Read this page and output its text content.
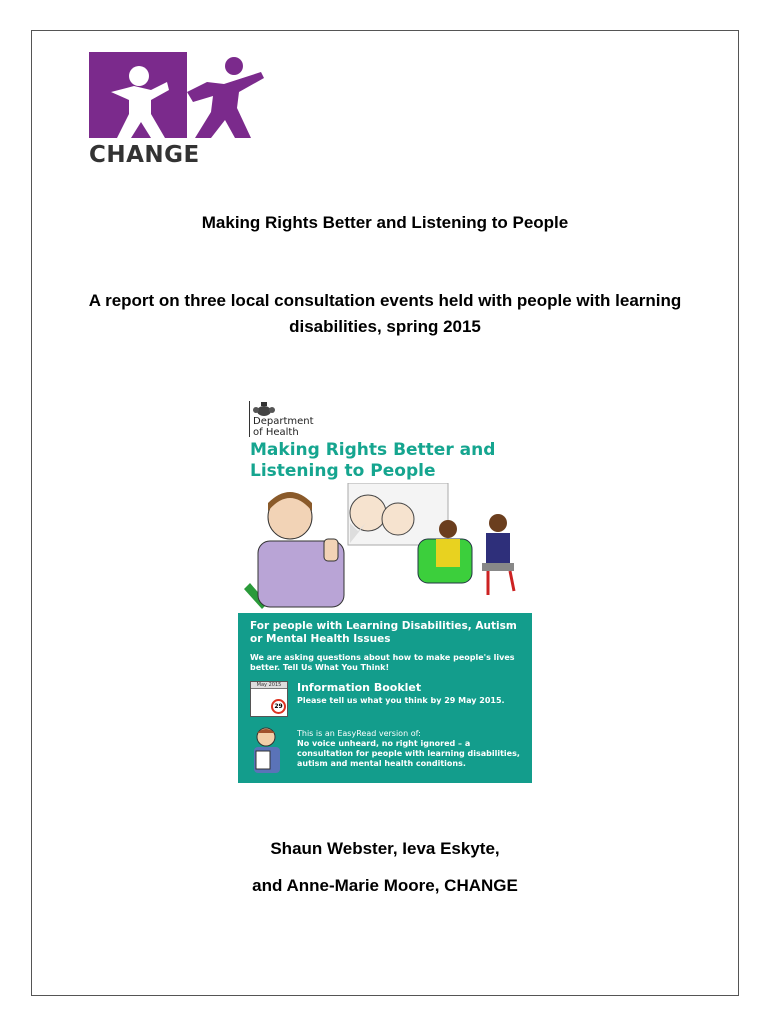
CHANGE
Making Rights Better and Listening to People
A report on three local consultation events held with people with learning disabilities, spring 2015
Department
of Health
Making Rights Better and Listening to People
For people with Learning Disabilities, Autism or Mental Health Issues
We are asking questions about how to make people's lives better. Tell Us What You Think!
May 2015
29
Information Booklet
Please tell us what you think by 29 May 2015.
This is an EasyRead version of:
No voice unheard, no right ignored – a consultation for people with learning disabilities, autism and mental health conditions.
Shaun Webster, Ieva Eskyte,
and Anne-Marie Moore, CHANGE
